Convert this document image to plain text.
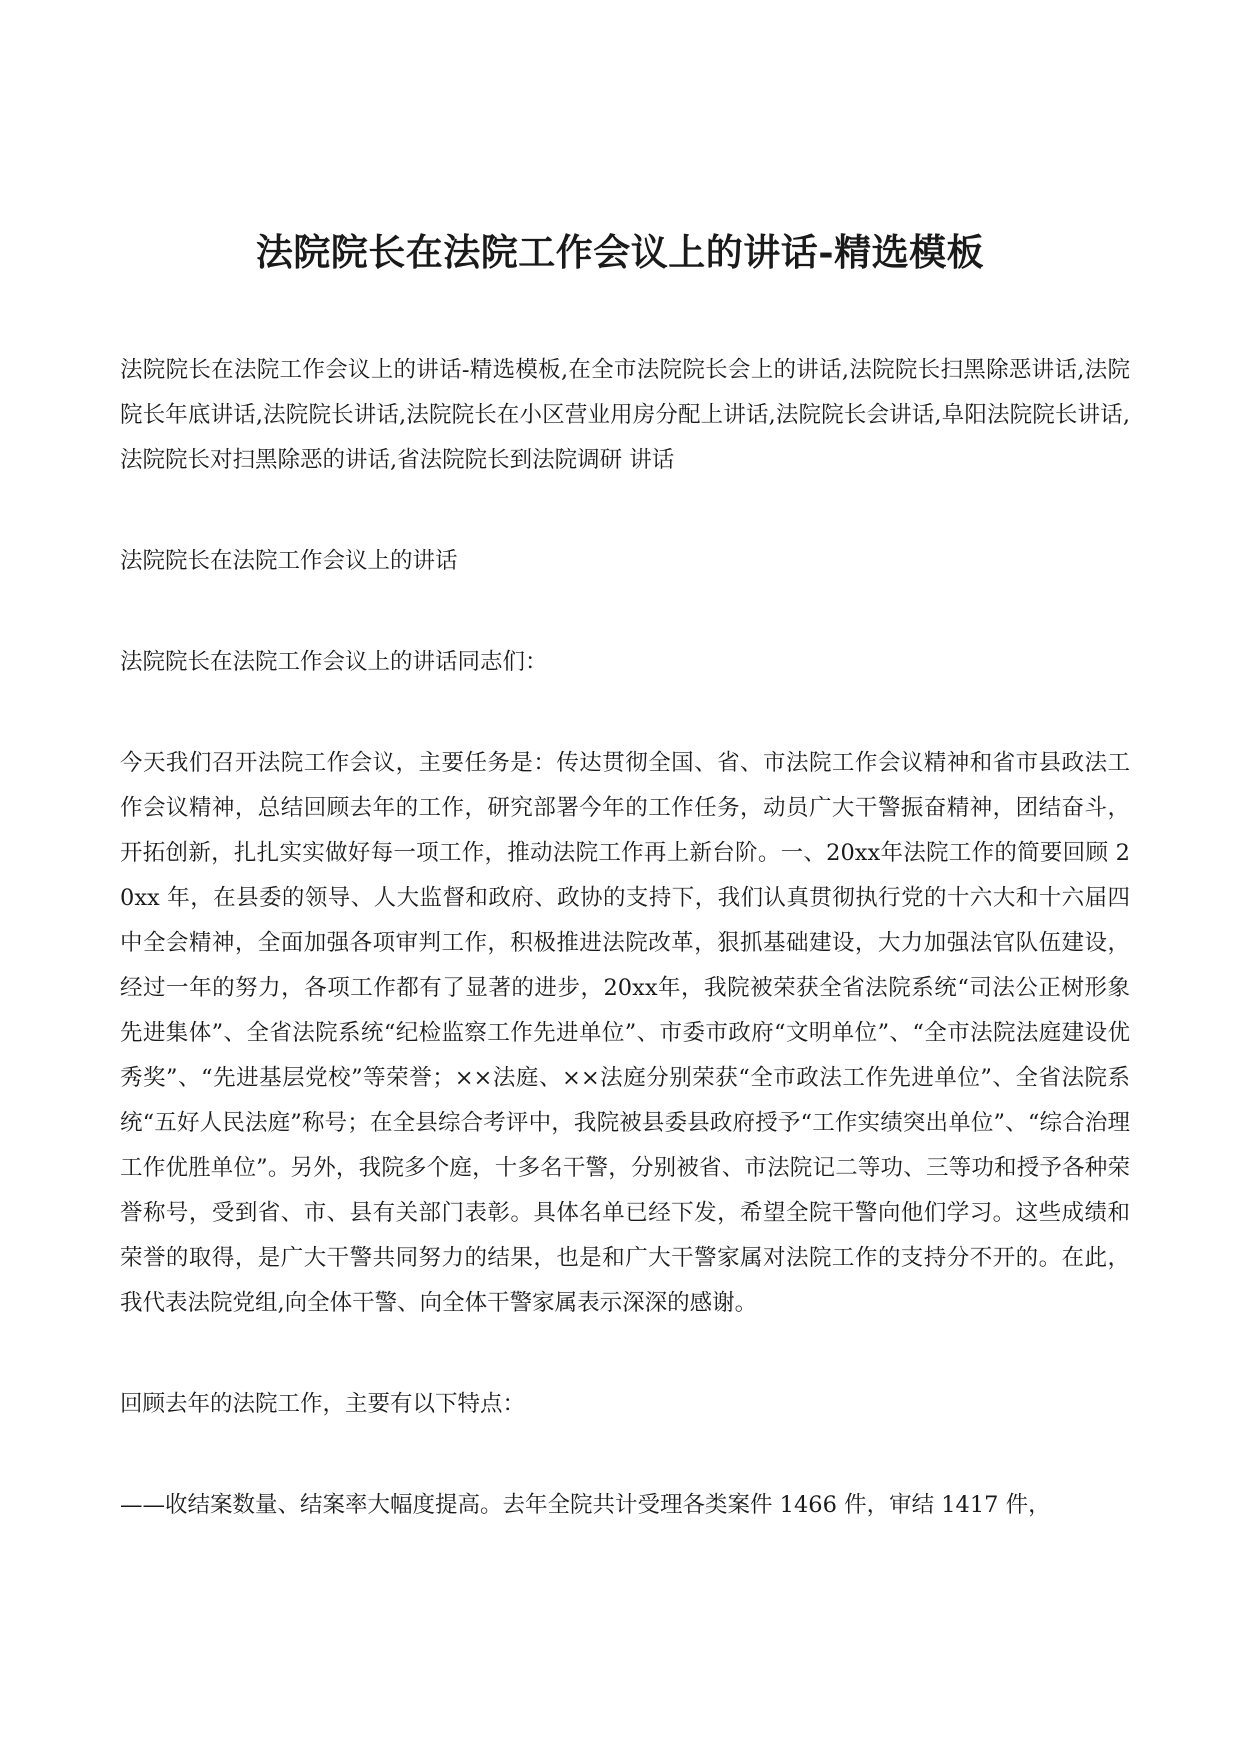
法院院长在法院工作会议上的讲话-精选模板

法院院长在法院工作会议上的讲话-精选模板,在全市法院院长会上的讲话,法院院长扫黑除恶讲话,法院院长年底讲话,法院院长讲话,法院院长在小区营业用房分配上讲话,法院院长会讲话,阜阳法院院长讲话,法院院长对扫黑除恶的讲话,省法院院长到法院调研 讲话

法院院长在法院工作会议上的讲话

法院院长在法院工作会议上的讲话同志们：

今天我们召开法院工作会议，主要任务是：传达贯彻全国、省、市法院工作会议精神和省市县政法工作会议精神，总结回顾去年的工作，研究部署今年的工作任务，动员广大干警振奋精神，团结奋斗，开拓创新，扎扎实实做好每一项工作，推动法院工作再上新台阶。一、20xx年法院工作的简要回顾 20xx 年，在县委的领导、人大监督和政府、政协的支持下，我们认真贯彻执行党的十六大和十六届四中全会精神，全面加强各项审判工作，积极推进法院改革，狠抓基础建设，大力加强法官队伍建设，经过一年的努力，各项工作都有了显著的进步，20xx年，我院被荣获全省法院系统“司法公正树形象先进集体”、全省法院系统“纪检监察工作先进单位”、市委市政府“文明单位”、“全市法院法庭建设优秀奖”、“先进基层党校”等荣誉；××法庭、××法庭分别荣获“全市政法工作先进单位”、全省法院系统“五好人民法庭”称号；在全县综合考评中，我院被县委县政府授予“工作实绩突出单位”、“综合治理工作优胜单位”。另外，我院多个庭，十多名干警，分别被省、市法院记二等功、三等功和授予各种荣誉称号，受到省、市、县有关部门表彰。具体名单已经下发，希望全院干警向他们学习。这些成绩和荣誉的取得，是广大干警共同努力的结果，也是和广大干警家属对法院工作的支持分不开的。在此，我代表法院党组,向全体干警、向全体干警家属表示深深的感谢。

回顾去年的法院工作，主要有以下特点：

——收结案数量、结案率大幅度提高。去年全院共计受理各类案件 1466 件，审结 1417 件，
